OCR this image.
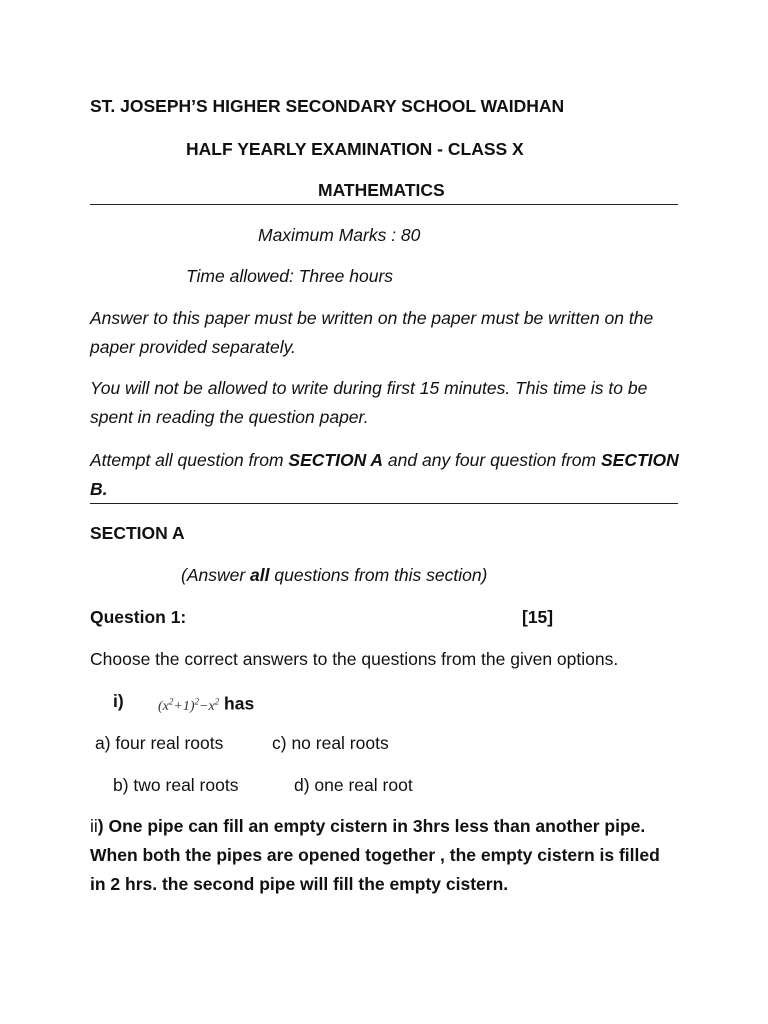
ST. JOSEPH’S HIGHER SECONDARY SCHOOL WAIDHAN
HALF YEARLY EXAMINATION - CLASS X
MATHEMATICS
Maximum Marks : 80
Time allowed: Three hours
Answer to this paper must be written on the paper must be written on the paper provided separately.
You will not be allowed to write during first 15 minutes. This time is to be spent in reading the question paper.
Attempt all question from SECTION A and any four question from SECTION B.
SECTION A
(Answer all questions from this section)
Question 1:	[15]
Choose the correct answers to the questions from the given options.
i) $(x^2+1)^2-x^2$ has
a) four real roots	c) no real roots
b) two real roots	d) one real root
ii) One pipe can fill an empty cistern in 3hrs less than another pipe. When both the pipes are opened together , the empty cistern is filled in 2 hrs. the second pipe will fill the empty cistern.
